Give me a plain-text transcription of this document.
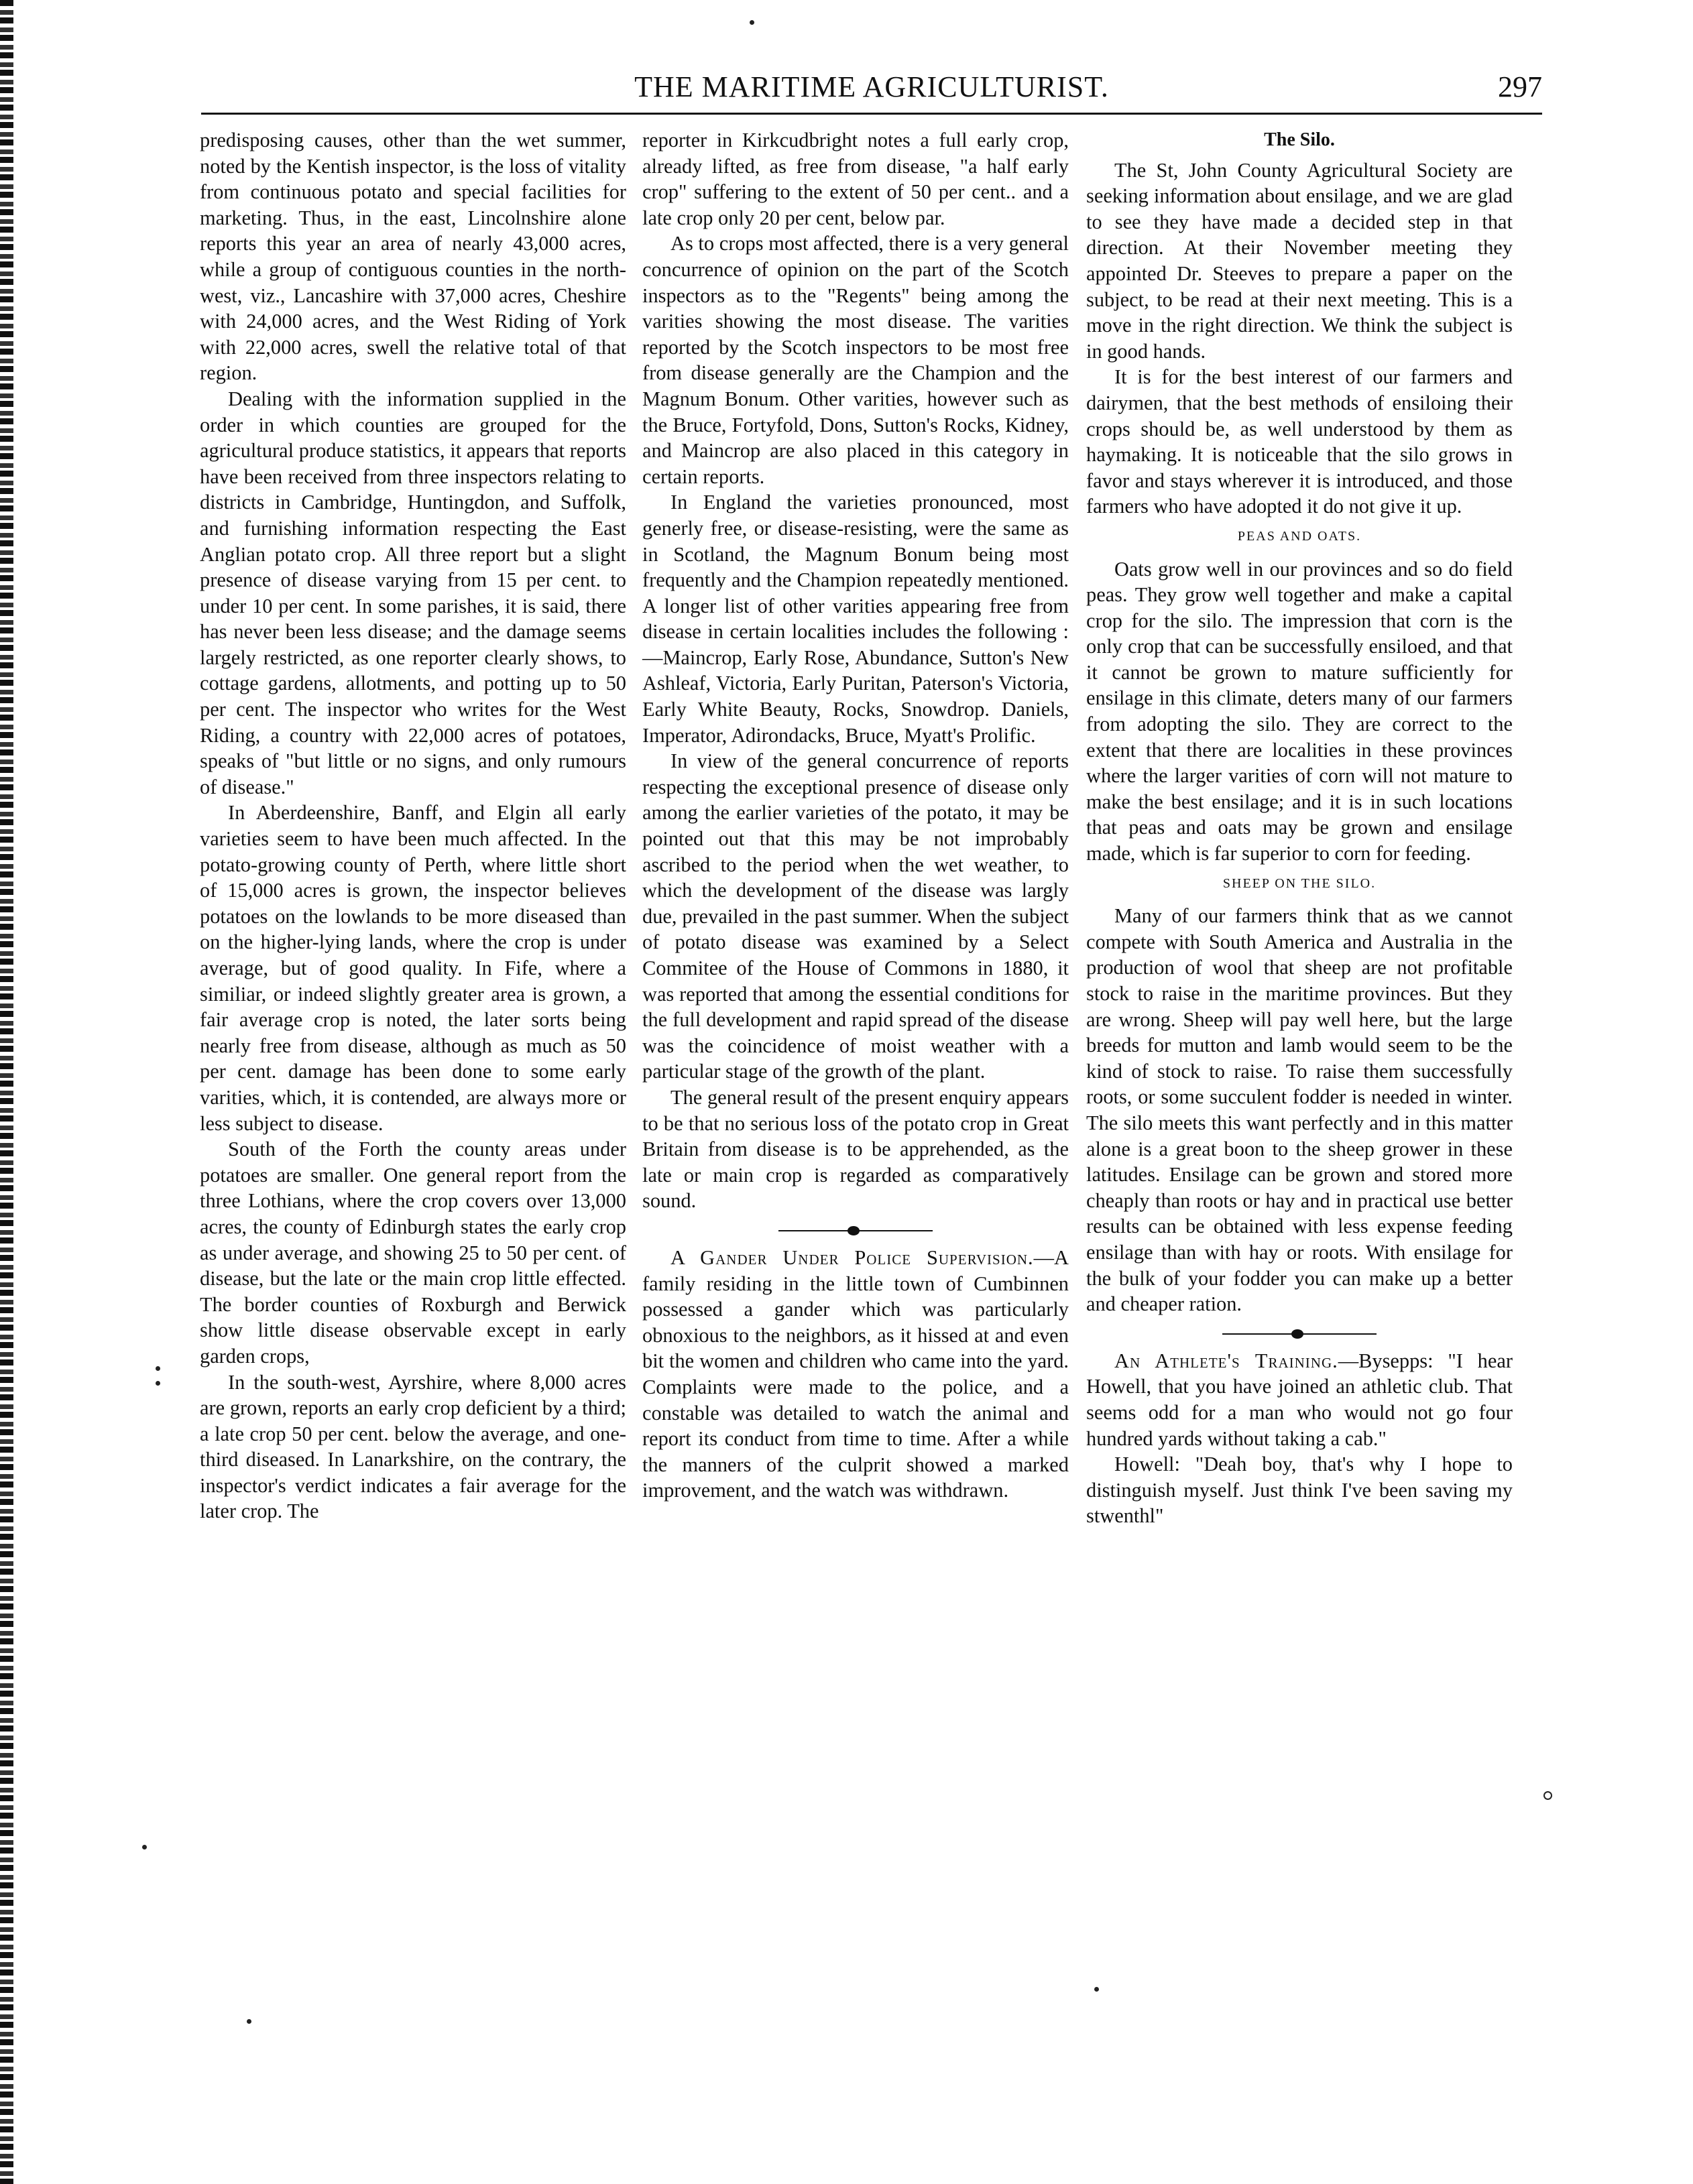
THE MARITIME AGRICULTURIST.	297

predisposing causes, other than the wet summer, noted by the Kentish inspector, is the loss of vitality from continuous potato and special facilities for marketing. Thus, in the east, Lincolnshire alone reports this year an area of nearly 43,000 acres, while a group of contiguous counties in the north-west, viz., Lancashire with 37,000 acres, Cheshire with 24,000 acres, and the West Riding of York with 22,000 acres, swell the relative total of that region.

Dealing with the information supplied in the order in which counties are grouped for the agricultural produce statistics, it appears that reports have been received from three inspectors relating to districts in Cambridge, Huntingdon, and Suffolk, and furnishing information respecting the East Anglian potato crop. All three report but a slight presence of disease varying from 15 per cent. to under 10 per cent. In some parishes, it is said, there has never been less disease; and the damage seems largely restricted, as one reporter clearly shows, to cottage gardens, allotments, and potting up to 50 per cent. The inspector who writes for the West Riding, a country with 22,000 acres of potatoes, speaks of "but little or no signs, and only rumours of disease."

In Aberdeenshire, Banff, and Elgin all early varieties seem to have been much affected. In the potato-growing county of Perth, where little short of 15,000 acres is grown, the inspector believes potatoes on the lowlands to be more diseased than on the higher-lying lands, where the crop is under average, but of good quality. In Fife, where a similiar, or indeed slightly greater area is grown, a fair average crop is noted, the later sorts being nearly free from disease, although as much as 50 per cent. damage has been done to some early varities, which, it is contended, are always more or less subject to disease.

South of the Forth the county areas under potatoes are smaller. One general report from the three Lothians, where the crop covers over 13,000 acres, the county of Edinburgh states the early crop as under average, and showing 25 to 50 per cent. of disease, but the late or the main crop little effected. The border counties of Roxburgh and Berwick show little disease observable except in early garden crops,

In the south-west, Ayrshire, where 8,000 acres are grown, reports an early crop deficient by a third; a late crop 50 per cent. below the average, and one-third diseased. In Lanarkshire, on the contrary, the inspector's verdict indicates a fair average for the later crop. The

reporter in Kirkcudbright notes a full early crop, already lifted, as free from disease, "a half early crop" suffering to the extent of 50 per cent.. and a late crop only 20 per cent, below par.

As to crops most affected, there is a very general concurrence of opinion on the part of the Scotch inspectors as to the "Regents" being among the varities showing the most disease. The varities reported by the Scotch inspectors to be most free from disease generally are the Champion and the Magnum Bonum. Other varities, however such as the Bruce, Fortyfold, Dons, Sutton's Rocks, Kidney, and Maincrop are also placed in this category in certain reports.

In England the varieties pronounced, most generly free, or disease-resisting, were the same as in Scotland, the Magnum Bonum being most frequently and the Champion repeatedly mentioned. A longer list of other varities appearing free from disease in certain localities includes the following :—Maincrop, Early Rose, Abundance, Sutton's New Ashleaf, Victoria, Early Puritan, Paterson's Victoria, Early White Beauty, Rocks, Snowdrop. Daniels, Imperator, Adirondacks, Bruce, Myatt's Prolific.

In view of the general concurrence of reports respecting the exceptional presence of disease only among the earlier varieties of the potato, it may be pointed out that this may be not improbably ascribed to the period when the wet weather, to which the development of the disease was largly due, prevailed in the past summer. When the subject of potato disease was examined by a Select Commitee of the House of Commons in 1880, it was reported that among the essential conditions for the full development and rapid spread of the disease was the coincidence of moist weather with a particular stage of the growth of the plant.

The general result of the present enquiry appears to be that no serious loss of the potato crop in Great Britain from disease is to be apprehended, as the late or main crop is regarded as comparatively sound.

A Gander Under Police Supervision.—A family residing in the little town of Cumbinnen possessed a gander which was particularly obnoxious to the neighbors, as it hissed at and even bit the women and children who came into the yard. Complaints were made to the police, and a constable was detailed to watch the animal and report its conduct from time to time. After a while the manners of the culprit showed a marked improvement, and the watch was withdrawn.

The Silo.

The St, John County Agricultural Society are seeking information about ensilage, and we are glad to see they have made a decided step in that direction. At their November meeting they appointed Dr. Steeves to prepare a paper on the subject, to be read at their next meeting. This is a move in the right direction. We think the subject is in good hands.

It is for the best interest of our farmers and dairymen, that the best methods of ensiloing their crops should be, as well understood by them as haymaking. It is noticeable that the silo grows in favor and stays wherever it is introduced, and those farmers who have adopted it do not give it up.

PEAS AND OATS.

Oats grow well in our provinces and so do field peas. They grow well together and make a capital crop for the silo. The impression that corn is the only crop that can be successfully ensiloed, and that it cannot be grown to mature sufficiently for ensilage in this climate, deters many of our farmers from adopting the silo. They are correct to the extent that there are localities in these provinces where the larger varities of corn will not mature to make the best ensilage; and it is in such locations that peas and oats may be grown and ensilage made, which is far superior to corn for feeding.

SHEEP ON THE SILO.

Many of our farmers think that as we cannot compete with South America and Australia in the production of wool that sheep are not profitable stock to raise in the maritime provinces. But they are wrong. Sheep will pay well here, but the large breeds for mutton and lamb would seem to be the kind of stock to raise. To raise them successfully roots, or some succulent fodder is needed in winter. The silo meets this want perfectly and in this matter alone is a great boon to the sheep grower in these latitudes. Ensilage can be grown and stored more cheaply than roots or hay and in practical use better results can be obtained with less expense feeding ensilage than with hay or roots. With ensilage for the bulk of your fodder you can make up a better and cheaper ration.

An Athlete's Training.—Bysepps: "I hear Howell, that you have joined an athletic club. That seems odd for a man who would not go four hundred yards without taking a cab."

Howell: "Deah boy, that's why I hope to distinguish myself. Just think I've been saving my stwenthl"
